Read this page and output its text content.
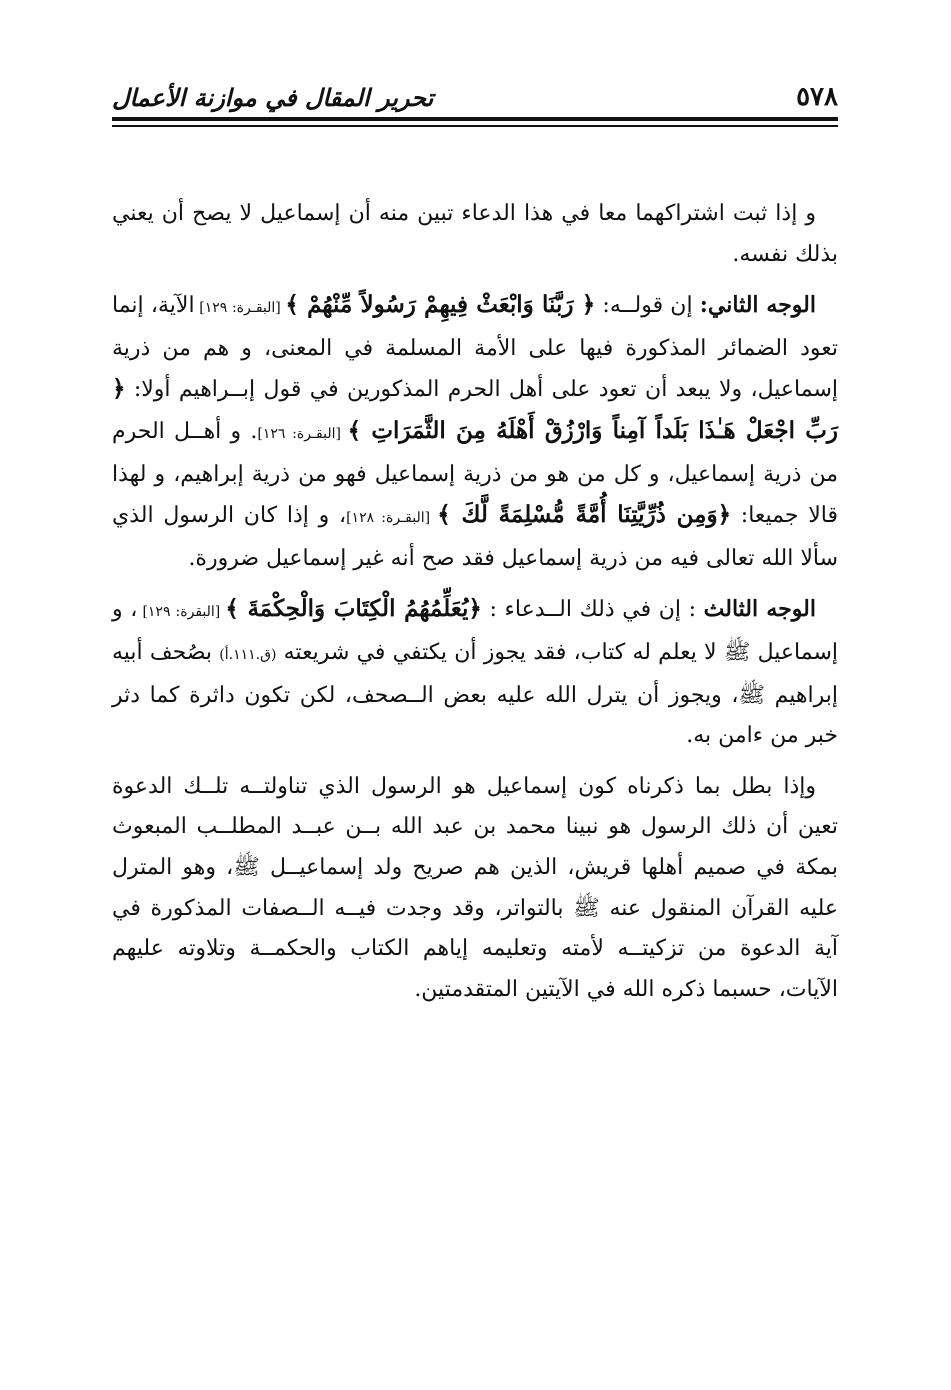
٥٧٨
تحرير المقال في موازنة الأعمال

و إذا ثبت اشتراكهما معا في هذا الدعاء تبين منه أن إسماعيل لا يصح أن يعني بذلك نفسه.

الوجه الثاني: إن قولــه: ﴿ رَبَّنَا وَابْعَثْ فِيهِمْ رَسُولاً مِّنْهُمْ ﴾ [البقـرة: ١٢٩] الآية، إنما تعود الضمائر المذكورة فيها على الأمة المسلمة في المعنى، و هم من ذرية إسماعيل، ولا يبعد أن تعود على أهل الحرم المذكورين في قول إبــراهيم أولا: ﴿ رَبِّ اجْعَلْ هَـٰذَا بَلَداً آمِناً وَارْزُقْ أَهْلَهُ مِنَ الثَّمَرَاتِ ﴾ [البقـرة: ١٢٦]. و أهــل الحرم من ذرية إسماعيل، و كل من هو من ذرية إسماعيل فهو من ذرية إبراهيم، و لهذا قالا جميعا: ﴿وَمِن ذُرِّيَّتِنَا أُمَّةً مُّسْلِمَةً لَّكَ ﴾ [البقـرة: ١٢٨]، و إذا كان الرسول الذي سألا الله تعالى فيه من ذرية إسماعيل فقد صح أنه غير إسماعيل ضرورة.

الوجه الثالث : إن في ذلك الــدعاء : ﴿يُعَلِّمُهُمُ الْكِتَابَ وَالْحِكْمَةَ ﴾ [البقرة: ١٢٩] ، و إسماعيل ﷺ لا يعلم له كتاب، فقد يجوز أن يكتفي في شريعته (ق.١١١.أ) بصُحف أبيه إبراهيم ﷺ، ويجوز أن يترل الله عليه بعض الــصحف، لكن تكون داثرة كما دثر خبر من ءامن به.

وإذا بطل بما ذكرناه كون إسماعيل هو الرسول الذي تناولتــه تلــك الدعوة تعين أن ذلك الرسول هو نبينا محمد بن عبد الله بــن عبــد المطلــب المبعوث بمكة في صميم أهلها قريش، الذين هم صريح ولد إسماعيــل ﷺ، وهو المترل عليه القرآن المنقول عنه ﷺ بالتواتر، وقد وجدت فيــه الــصفات المذكورة في آية الدعوة من تزكيتــه لأمته وتعليمه إياهم الكتاب والحكمــة وتلاوته عليهم الآيات، حسبما ذكره الله في الآيتين المتقدمتين.
